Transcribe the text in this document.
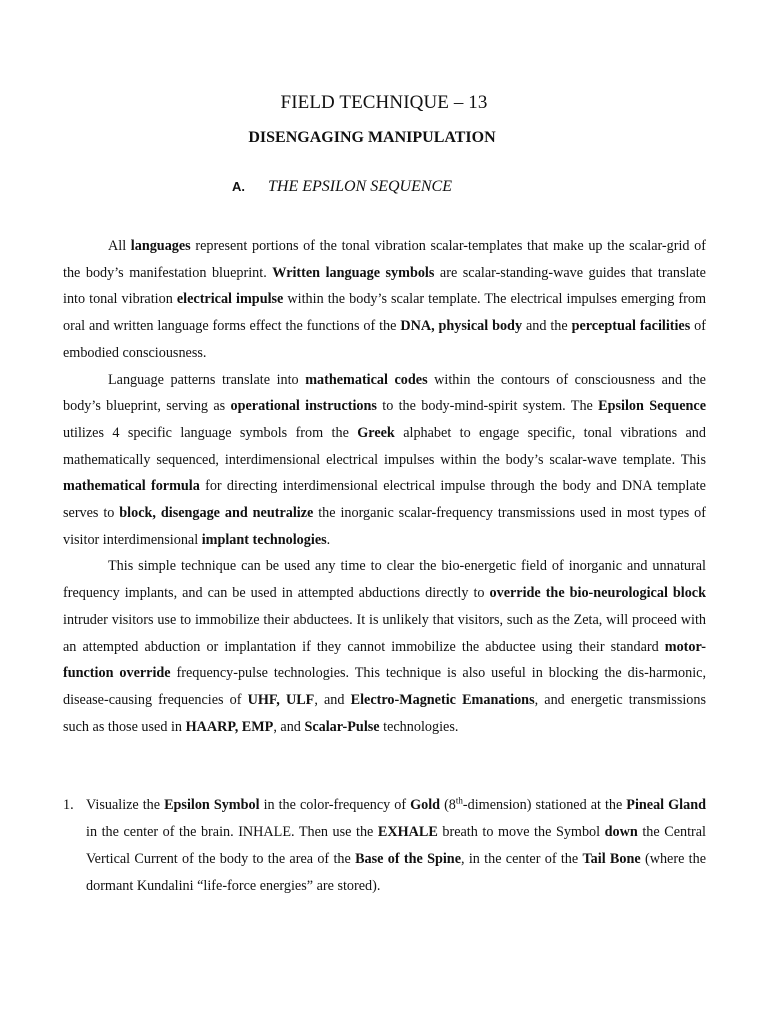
FIELD TECHNIQUE – 13
DISENGAGING MANIPULATION
A. THE EPSILON SEQUENCE

All languages represent portions of the tonal vibration scalar-templates that make up the scalar-grid of the body’s manifestation blueprint. Written language symbols are scalar-standing-wave guides that translate into tonal vibration electrical impulse within the body’s scalar template. The electrical impulses emerging from oral and written language forms effect the functions of the DNA, physical body and the perceptual facilities of embodied consciousness.

Language patterns translate into mathematical codes within the contours of consciousness and the body’s blueprint, serving as operational instructions to the body-mind-spirit system. The Epsilon Sequence utilizes 4 specific language symbols from the Greek alphabet to engage specific, tonal vibrations and mathematically sequenced, interdimensional electrical impulses within the body’s scalar-wave template. This mathematical formula for directing interdimensional electrical impulse through the body and DNA template serves to block, disengage and neutralize the inorganic scalar-frequency transmissions used in most types of visitor interdimensional implant technologies.

This simple technique can be used any time to clear the bio-energetic field of inorganic and unnatural frequency implants, and can be used in attempted abductions directly to override the bio-neurological block intruder visitors use to immobilize their abductees. It is unlikely that visitors, such as the Zeta, will proceed with an attempted abduction or implantation if they cannot immobilize the abductee using their standard motor-function override frequency-pulse technologies. This technique is also useful in blocking the dis-harmonic, disease-causing frequencies of UHF, ULF, and Electro-Magnetic Emanations, and energetic transmissions such as those used in HAARP, EMP, and Scalar-Pulse technologies.

1. Visualize the Epsilon Symbol in the color-frequency of Gold (8th-dimension) stationed at the Pineal Gland in the center of the brain. INHALE. Then use the EXHALE breath to move the Symbol down the Central Vertical Current of the body to the area of the Base of the Spine, in the center of the Tail Bone (where the dormant Kundalini “life-force energies” are stored).
